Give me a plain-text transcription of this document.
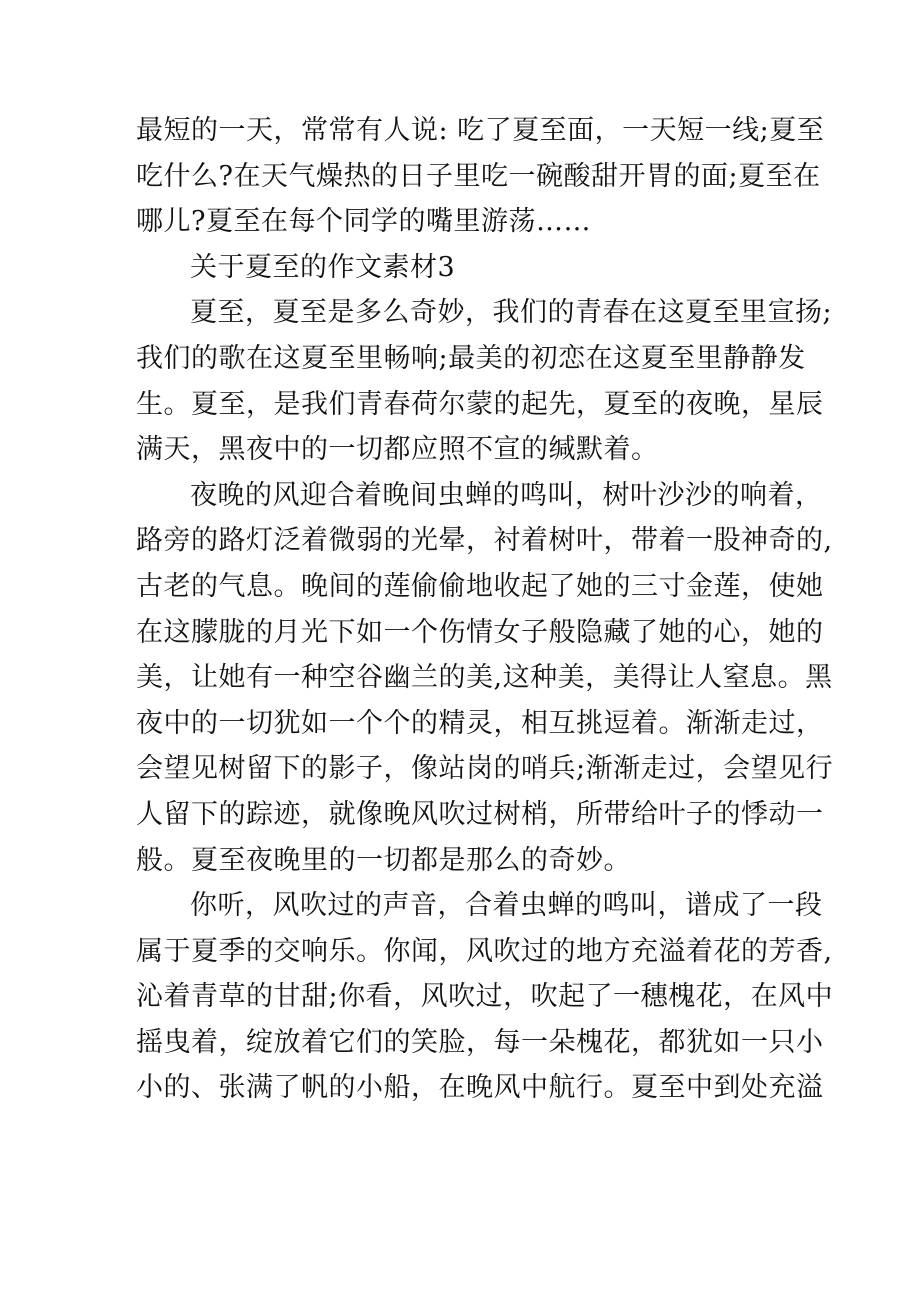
最短的一天，常常有人说: 吃了夏至面，一天短一线;夏至
吃什么?在天气燥热的日子里吃一碗酸甜开胃的面;夏至在
哪儿?夏至在每个同学的嘴里游荡……
关于夏至的作文素材3
夏至，夏至是多么奇妙，我们的青春在这夏至里宣扬;
我们的歌在这夏至里畅响;最美的初恋在这夏至里静静发
生。夏至，是我们青春荷尔蒙的起先，夏至的夜晚，星辰
满天，黑夜中的一切都应照不宣的缄默着。
夜晚的风迎合着晚间虫蝉的鸣叫，树叶沙沙的响着，
路旁的路灯泛着微弱的光晕，衬着树叶，带着一股神奇的,
古老的气息。晚间的莲偷偷地收起了她的三寸金莲，使她
在这朦胧的月光下如一个伤情女子般隐藏了她的心，她的
美，让她有一种空谷幽兰的美,这种美，美得让人窒息。黑
夜中的一切犹如一个个的精灵，相互挑逗着。渐渐走过，
会望见树留下的影子，像站岗的哨兵;渐渐走过，会望见行
人留下的踪迹，就像晚风吹过树梢，所带给叶子的悸动一
般。夏至夜晚里的一切都是那么的奇妙。
你听，风吹过的声音，合着虫蝉的鸣叫，谱成了一段
属于夏季的交响乐。你闻，风吹过的地方充溢着花的芳香,
沁着青草的甘甜;你看，风吹过，吹起了一穗槐花，在风中
摇曳着，绽放着它们的笑脸，每一朵槐花，都犹如一只小
小的、张满了帆的小船，在晚风中航行。夏至中到处充溢
